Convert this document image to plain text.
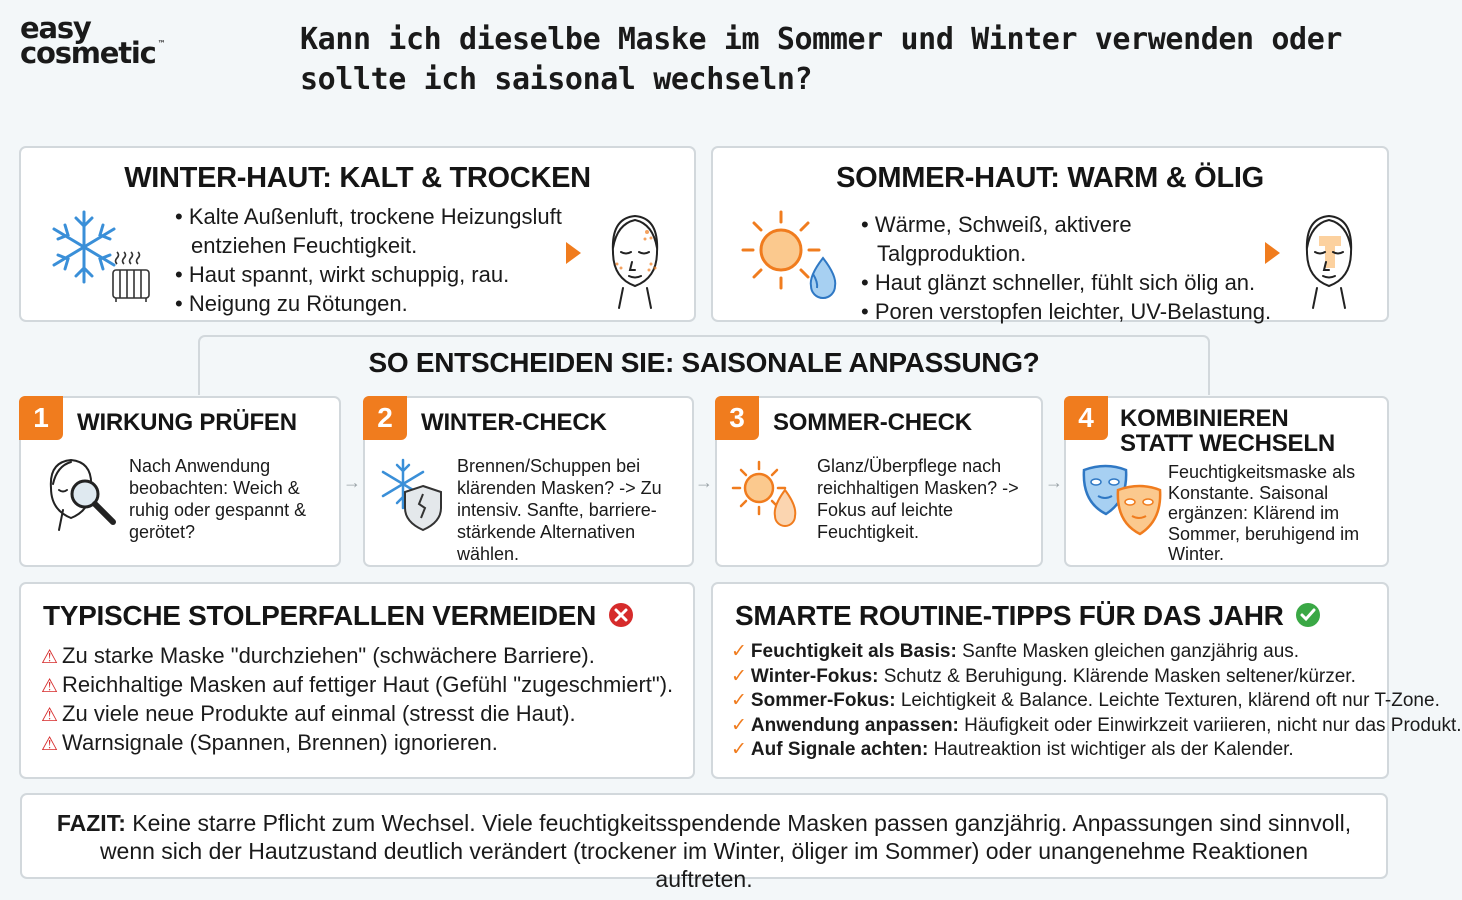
easy
cosmetic ™	Kann ich dieselbe Maske im Sommer und Winter verwenden oder sollte ich saisonal wechseln?
WINTER-HAUT: KALT & TROCKEN
• Kalte Außenluft, trockene Heizungsluft entziehen Feuchtigkeit.
• Haut spannt, wirkt schuppig, rau.
• Neigung zu Rötungen.
SOMMER-HAUT: WARM & ÖLIG
• Wärme, Schweiß, aktivere Talgproduktion.
• Haut glänzt schneller, fühlt sich ölig an.
• Poren verstopfen leichter, UV-Belastung.
SO ENTSCHEIDEN SIE: SAISONALE ANPASSUNG?
1	WIRKUNG PRÜFEN
Nach Anwendung beobachten: Weich & ruhig oder gespannt & gerötet?
→
2	WINTER-CHECK
Brennen/Schuppen bei klärenden Masken? -> Zu intensiv. Sanfte, barriere-stärkende Alternativen wählen.
→
3	SOMMER-CHECK
Glanz/Überpflege nach reichhaltigen Masken? -> Fokus auf leichte Feuchtigkeit.
→
4	KOMBINIEREN STATT WECHSELN
Feuchtigkeitsmaske als Konstante. Saisonal ergänzen: Klärend im Sommer, beruhigend im Winter.
TYPISCHE STOLPERFALLEN VERMEIDEN
⚠ Zu starke Maske "durchziehen" (schwächere Barriere).
⚠ Reichhaltige Masken auf fettiger Haut (Gefühl "zugeschmiert").
⚠ Zu viele neue Produkte auf einmal (stresst die Haut).
⚠ Warnsignale (Spannen, Brennen) ignorieren.
SMARTE ROUTINE-TIPPS FÜR DAS JAHR
✓ Feuchtigkeit als Basis: Sanfte Masken gleichen ganzjährig aus.
✓ Winter-Fokus: Schutz & Beruhigung. Klärende Masken seltener/kürzer.
✓ Sommer-Fokus: Leichtigkeit & Balance. Leichte Texturen, klärend oft nur T-Zone.
✓ Anwendung anpassen: Häufigkeit oder Einwirkzeit variieren, nicht nur das Produkt.
✓ Auf Signale achten: Hautreaktion ist wichtiger als der Kalender.
FAZIT: Keine starre Pflicht zum Wechsel. Viele feuchtigkeitsspendende Masken passen ganzjährig. Anpassungen sind sinnvoll, wenn sich der Hautzustand deutlich verändert (trockener im Winter, öliger im Sommer) oder unangenehme Reaktionen auftreten.
